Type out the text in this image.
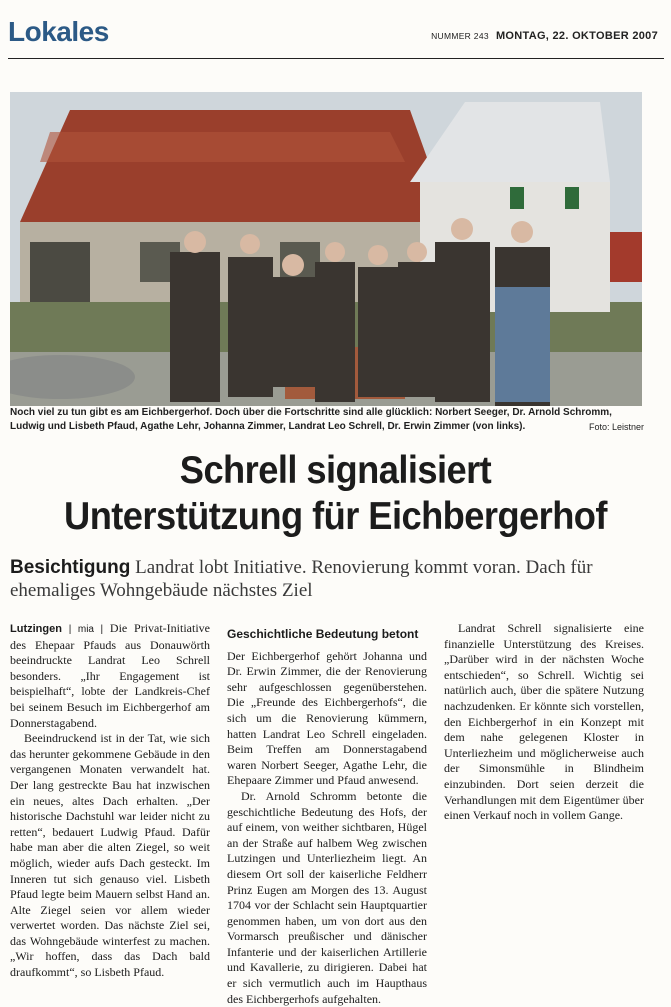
Lokales	NUMMER 243 MONTAG, 22. OKTOBER 2007
Noch viel zu tun gibt es am Eichbergerhof. Doch über die Fortschritte sind alle glücklich: Norbert Seeger, Dr. Arnold Schromm, Ludwig und Lisbeth Pfaud, Agathe Lehr, Johanna Zimmer, Landrat Leo Schrell, Dr. Erwin Zimmer (von links).	Foto: Leistner
Schrell signalisiert
Unterstützung für Eichbergerhof
Besichtigung Landrat lobt Initiative. Renovierung kommt voran. Dach für ehemaliges Wohngebäude nächstes Ziel

Lutzingen | mia | Die Privat-Initiative des Ehepaar Pfauds aus Donauwörth beeindruckte Landrat Leo Schrell besonders. „Ihr Engagement ist beispielhaft“, lobte der Landkreis-Chef bei seinem Besuch im Eichbergerhof am Donnerstagabend.

Beeindruckend ist in der Tat, wie sich das herunter gekommene Gebäude in den vergangenen Monaten verwandelt hat. Der lang gestreckte Bau hat inzwischen ein neues, altes Dach erhalten. „Der historische Dachstuhl war leider nicht zu retten“, bedauert Ludwig Pfaud. Dafür habe man aber die alten Ziegel, so weit möglich, wieder aufs Dach gesteckt. Im Inneren tut sich genauso viel. Lisbeth Pfaud legte beim Mauern selbst Hand an. Alte Ziegel seien vor allem wieder verwertet worden. Das nächste Ziel sei, das Wohngebäude winterfest zu machen. „Wir hoffen, dass das Dach bald draufkommt“, so Lisbeth Pfaud.

Geschichtliche Bedeutung betont

Der Eichbergerhof gehört Johanna und Dr. Erwin Zimmer, die der Renovierung sehr aufgeschlossen gegenüberstehen. Die „Freunde des Eichbergerhofs“, die sich um die Renovierung kümmern, hatten Landrat Leo Schrell eingeladen. Beim Treffen am Donnerstagabend waren Norbert Seeger, Agathe Lehr, die Ehepaare Zimmer und Pfaud anwesend.

Dr. Arnold Schromm betonte die geschichtliche Bedeutung des Hofs, der auf einem, von weither sichtbaren, Hügel an der Straße auf halbem Weg zwischen Lutzingen und Unterliezheim liegt. An diesem Ort soll der kaiserliche Feldherr Prinz Eugen am Morgen des 13. August 1704 vor der Schlacht sein Hauptquartier genommen haben, um von dort aus den Vormarsch preußischer und dänischer Infanterie und der kaiserlichen Artillerie und Kavallerie, zu dirigieren. Dabei hat er sich vermutlich auch im Haupthaus des Eichbergerhofs aufgehalten.

Landrat Schrell signalisierte eine finanzielle Unterstützung des Kreises. „Darüber wird in der nächsten Woche entschieden“, so Schrell. Wichtig sei natürlich auch, über die spätere Nutzung nachzudenken. Er könnte sich vorstellen, den Eichbergerhof in ein Konzept mit dem nahe gelegenen Kloster in Unterliezheim und möglicherweise auch der Simonsmühle in Blindheim einzubinden. Dort seien derzeit die Verhandlungen mit dem Eigentümer über einen Verkauf noch in vollem Gange.
